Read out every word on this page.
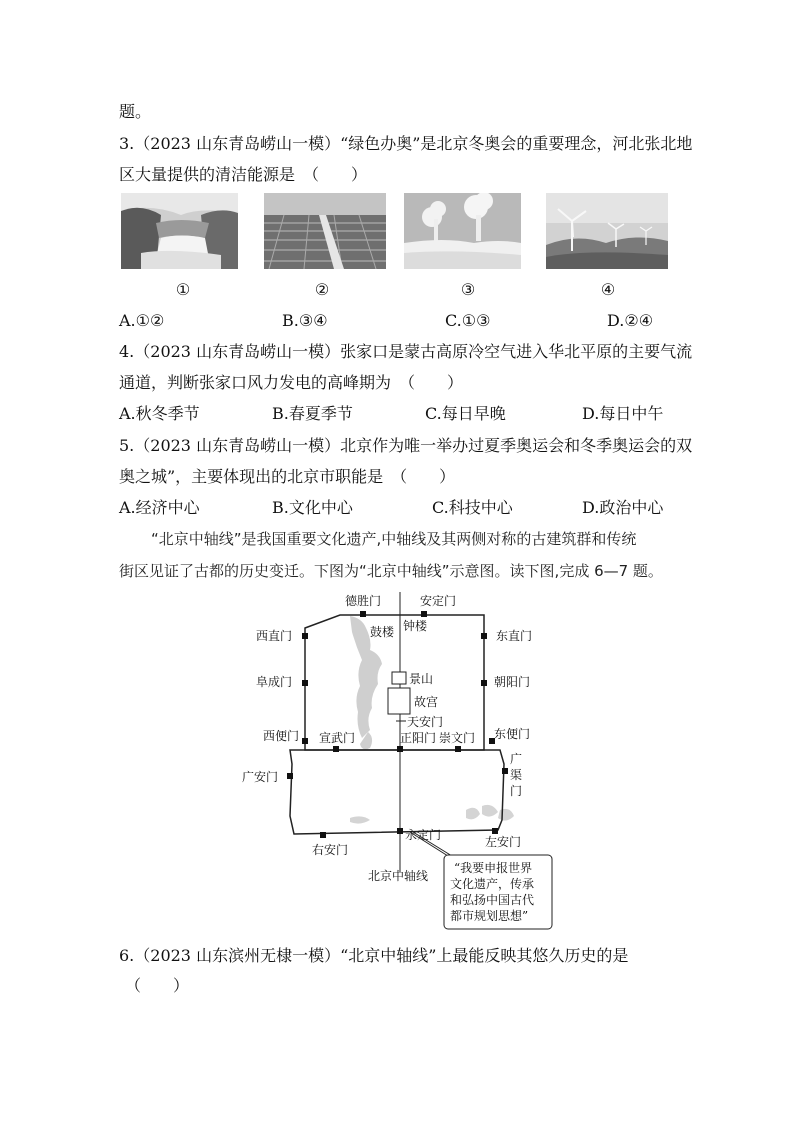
题。
3.（2023 山东青岛崂山一模）“绿色办奥”是北京冬奥会的重要理念，河北张北地
区大量提供的清洁能源是　（　　）
①	②	③	④
A.①②	B.③④	C.①③	D.②④
4.（2023 山东青岛崂山一模）张家口是蒙古高原冷空气进入华北平原的主要气流
通道，判断张家口风力发电的高峰期为　（　　）
A.秋冬季节	B.春夏季节	C.每日早晚	D.每日中午
5.（2023 山东青岛崂山一模）北京作为唯一举办过夏季奥运会和冬季奥运会的双
奥之城”，主要体现出的北京市职能是　（　　）
A.经济中心	B.文化中心	C.科技中心	D.政治中心
“北京中轴线”是我国重要文化遗产,中轴线及其两侧对称的古建筑群和传统
街区见证了古都的历史变迁。下图为“北京中轴线”示意图。读下图,完成 6—7 题。
德胜门	安定门
西直门	东直门
阜成门	朝阳门
西便门	东便门
宣武门	正阳门 崇文门
广安门
广
渠
门
右安门
永定门	左安门
鼓楼 钟楼
景山
故宫
天安门
北京中轴线
“我要申报世界
文化遗产，传承
和弘扬中国古代
都市规划思想”
6.（2023 山东滨州无棣一模）“北京中轴线”上最能反映其悠久历史的是
（　　）
